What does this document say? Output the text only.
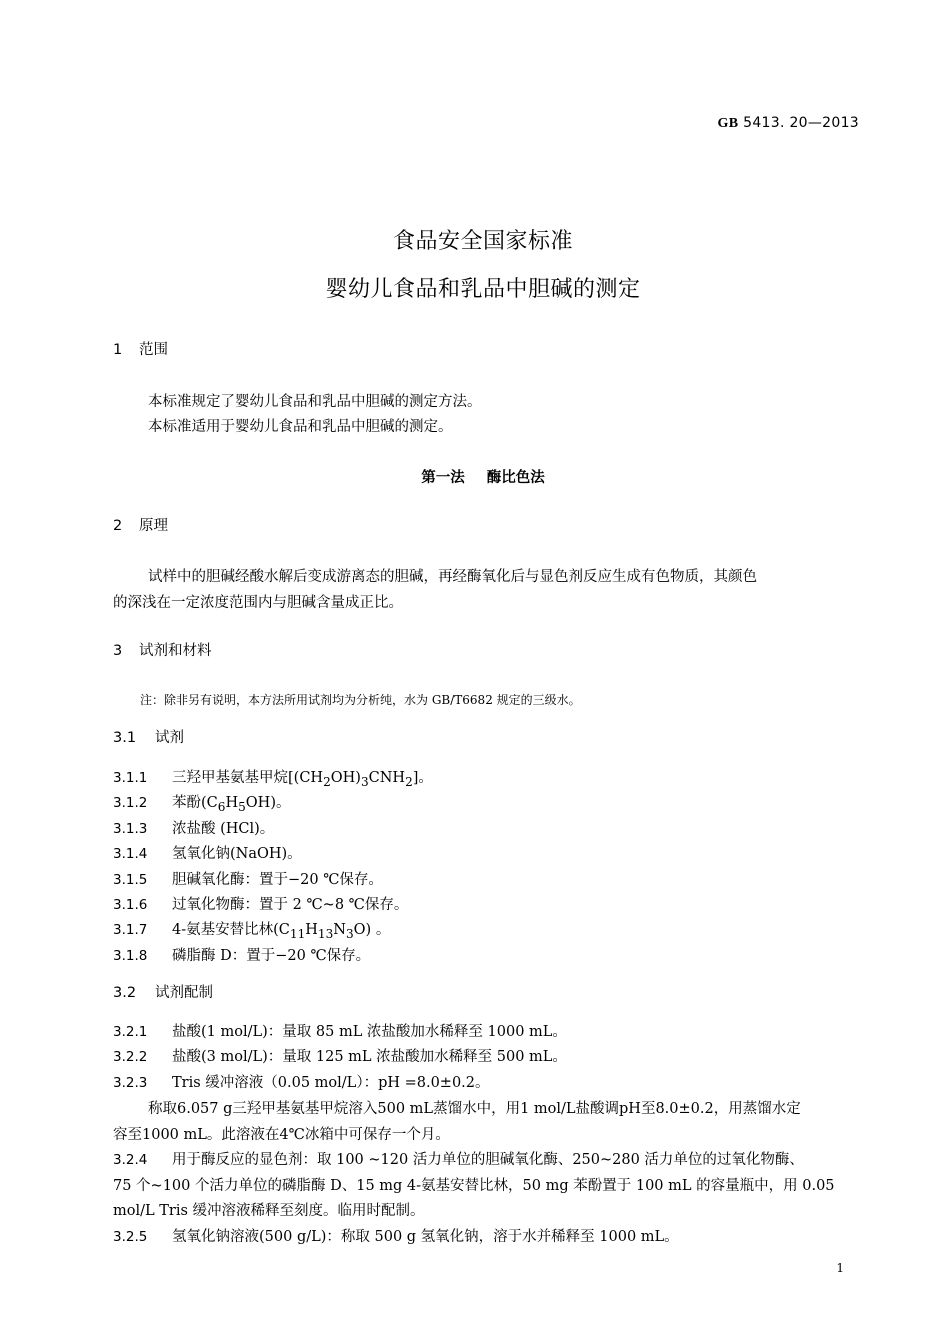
GB 5413. 20—2013
食品安全国家标准
婴幼儿食品和乳品中胆碱的测定
1 范围
本标准规定了婴幼儿食品和乳品中胆碱的测定方法。
本标准适用于婴幼儿食品和乳品中胆碱的测定。
第一法 酶比色法
2 原理
试样中的胆碱经酸水解后变成游离态的胆碱，再经酶氧化后与显色剂反应生成有色物质，其颜色
的深浅在一定浓度范围内与胆碱含量成正比。
3 试剂和材料
注：除非另有说明，本方法所用试剂均为分析纯，水为 GB/T6682 规定的三级水。
3.1 试剂
3.1.1 三羟甲基氨基甲烷$[(CH_2OH)_3CNH_2]$。
3.1.2 苯酚$(C_6H_5OH)$。
3.1.3 浓盐酸 (HCl)。
3.1.4 氢氧化钠(NaOH)。
3.1.5 胆碱氧化酶：置于−20 ℃保存。
3.1.6 过氧化物酶：置于 2 ℃~8 ℃保存。
3.1.7 4-氨基安替比林$(C_{11}H_{13}N_3O)$ 。
3.1.8 磷脂酶 D：置于−20 ℃保存。
3.2 试剂配制
3.2.1 盐酸(1 mol/L)：量取 85 mL 浓盐酸加水稀释至 1000 mL。
3.2.2 盐酸(3 mol/L)：量取 125 mL 浓盐酸加水稀释至 500 mL。
3.2.3 Tris 缓冲溶液（0.05 mol/L）：pH =8.0±0.2。
称取6.057 g三羟甲基氨基甲烷溶入500 mL蒸馏水中，用1 mol/L盐酸调pH至8.0±0.2，用蒸馏水定
容至1000 mL。此溶液在4℃冰箱中可保存一个月。
3.2.4 用于酶反应的显色剂：取 100 ~120 活力单位的胆碱氧化酶、250~280 活力单位的过氧化物酶、
75 个~100 个活力单位的磷脂酶 D、15 mg 4-氨基安替比林，50 mg 苯酚置于 100 mL 的容量瓶中，用 0.05
mol/L Tris 缓冲溶液稀释至刻度。临用时配制。
3.2.5 氢氧化钠溶液(500 g/L)：称取 500 g 氢氧化钠，溶于水并稀释至 1000 mL。
1
